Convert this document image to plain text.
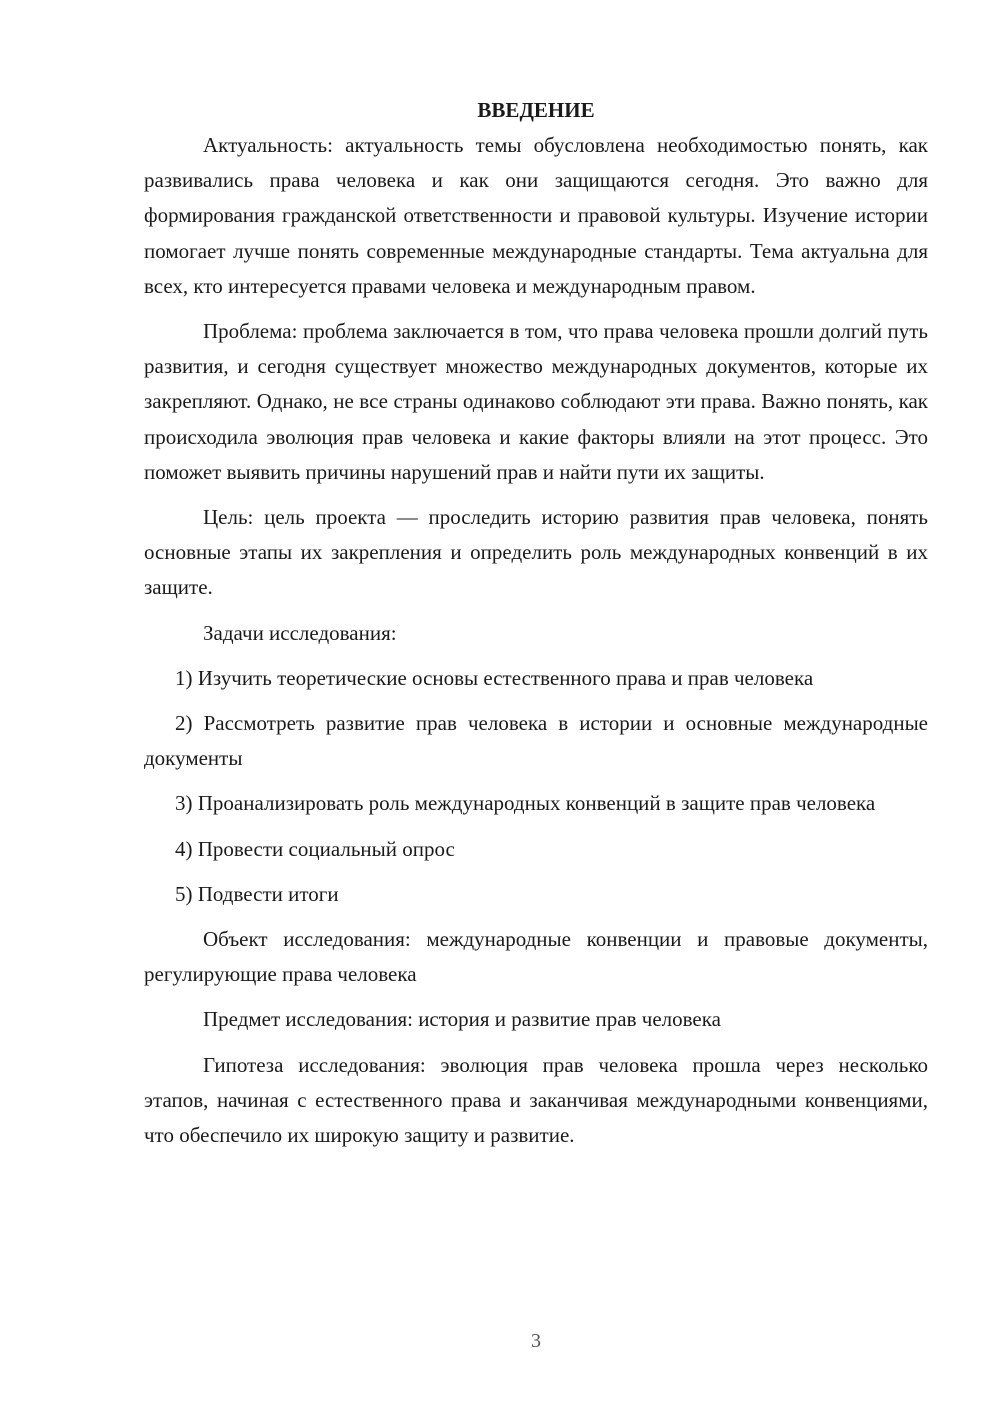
ВВЕДЕНИЕ

Актуальность: актуальность темы обусловлена необходимостью понять, как развивались права человека и как они защищаются сегодня. Это важно для формирования гражданской ответственности и правовой культуры. Изучение истории помогает лучше понять современные международные стандарты. Тема актуальна для всех, кто интересуется правами человека и международным правом.

Проблема: проблема заключается в том, что права человека прошли долгий путь развития, и сегодня существует множество международных документов, которые их закрепляют. Однако, не все страны одинаково соблюдают эти права. Важно понять, как происходила эволюция прав человека и какие факторы влияли на этот процесс. Это поможет выявить причины нарушений прав и найти пути их защиты.

Цель: цель проекта — проследить историю развития прав человека, понять основные этапы их закрепления и определить роль международных конвенций в их защите.

Задачи исследования:

1) Изучить теоретические основы естественного права и прав человека

2) Рассмотреть развитие прав человека в истории и основные международные документы

3) Проанализировать роль международных конвенций в защите прав человека

4) Провести социальный опрос

5) Подвести итоги

Объект исследования: международные конвенции и правовые документы, регулирующие права человека

Предмет исследования: история и развитие прав человека

Гипотеза исследования: эволюция прав человека прошла через несколько этапов, начиная с естественного права и заканчивая международными конвенциями, что обеспечило их широкую защиту и развитие.

3
